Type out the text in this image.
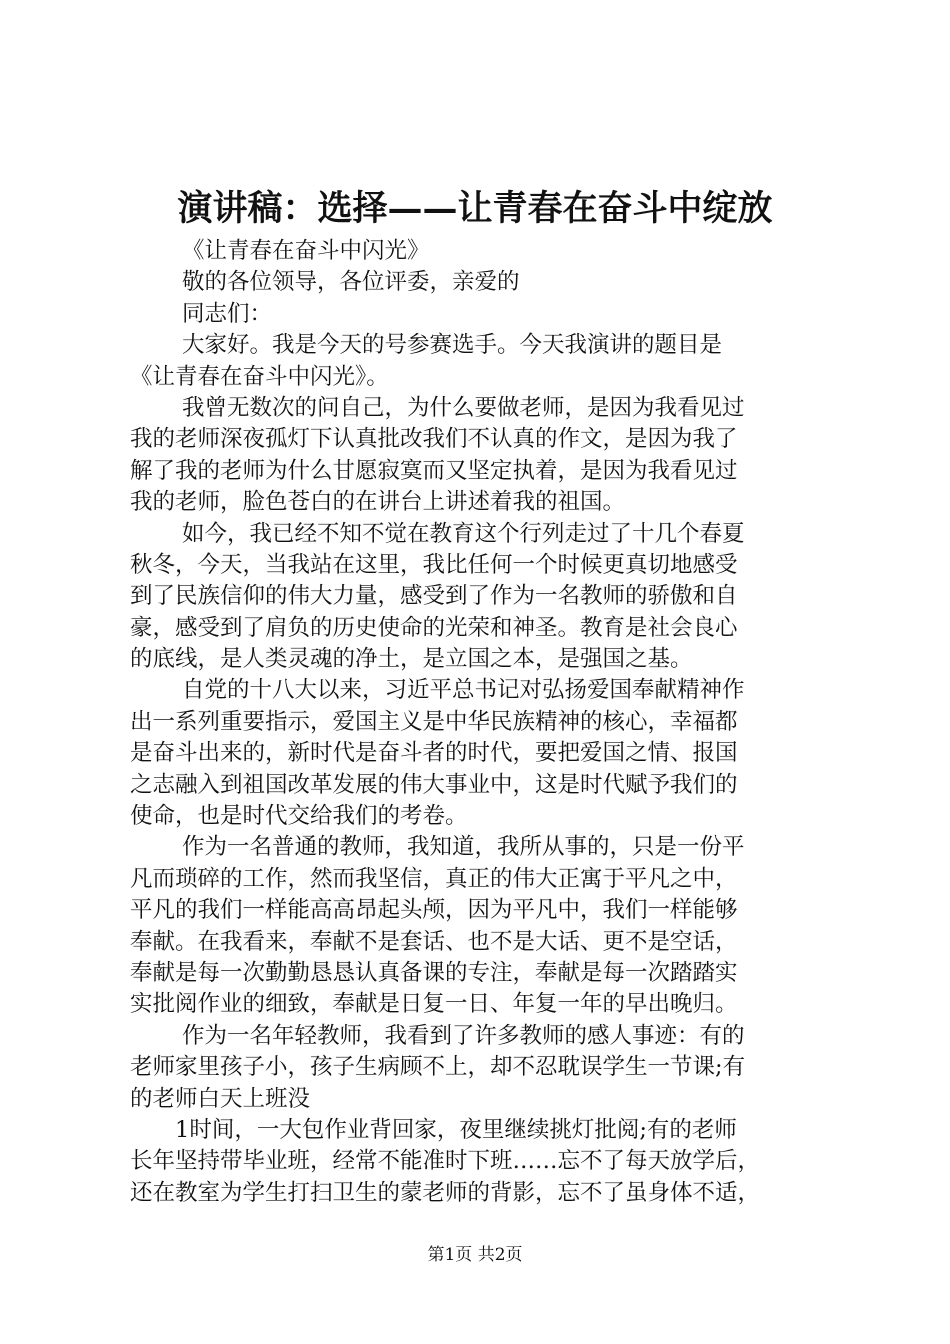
演讲稿：选择——让青春在奋斗中绽放
《让青春在奋斗中闪光》
敬的各位领导，各位评委，亲爱的
同志们：
大家好。我是今天的号参赛选手。今天我演讲的题目是
《让青春在奋斗中闪光》。
我曾无数次的问自己，为什么要做老师，是因为我看见过
我的老师深夜孤灯下认真批改我们不认真的作文，是因为我了
解了我的老师为什么甘愿寂寞而又坚定执着，是因为我看见过
我的老师，脸色苍白的在讲台上讲述着我的祖国。
如今，我已经不知不觉在教育这个行列走过了十几个春夏
秋冬，今天，当我站在这里，我比任何一个时候更真切地感受
到了民族信仰的伟大力量，感受到了作为一名教师的骄傲和自
豪，感受到了肩负的历史使命的光荣和神圣。教育是社会良心
的底线，是人类灵魂的净土，是立国之本，是强国之基。
自党的十八大以来，习近平总书记对弘扬爱国奉献精神作
出一系列重要指示，爱国主义是中华民族精神的核心，幸福都
是奋斗出来的，新时代是奋斗者的时代，要把爱国之情、报国
之志融入到祖国改革发展的伟大事业中，这是时代赋予我们的
使命，也是时代交给我们的考卷。
作为一名普通的教师，我知道，我所从事的，只是一份平
凡而琐碎的工作，然而我坚信，真正的伟大正寓于平凡之中，
平凡的我们一样能高高昂起头颅，因为平凡中，我们一样能够
奉献。在我看来，奉献不是套话、也不是大话、更不是空话，
奉献是每一次勤勤恳恳认真备课的专注，奉献是每一次踏踏实
实批阅作业的细致，奉献是日复一日、年复一年的早出晚归。
作为一名年轻教师，我看到了许多教师的感人事迹：有的
老师家里孩子小，孩子生病顾不上，却不忍耽误学生一节课;有
的老师白天上班没
1时间，一大包作业背回家，夜里继续挑灯批阅;有的老师
长年坚持带毕业班，经常不能准时下班……忘不了每天放学后，
还在教室为学生打扫卫生的蒙老师的背影，忘不了虽身体不适，
第1页 共2页
